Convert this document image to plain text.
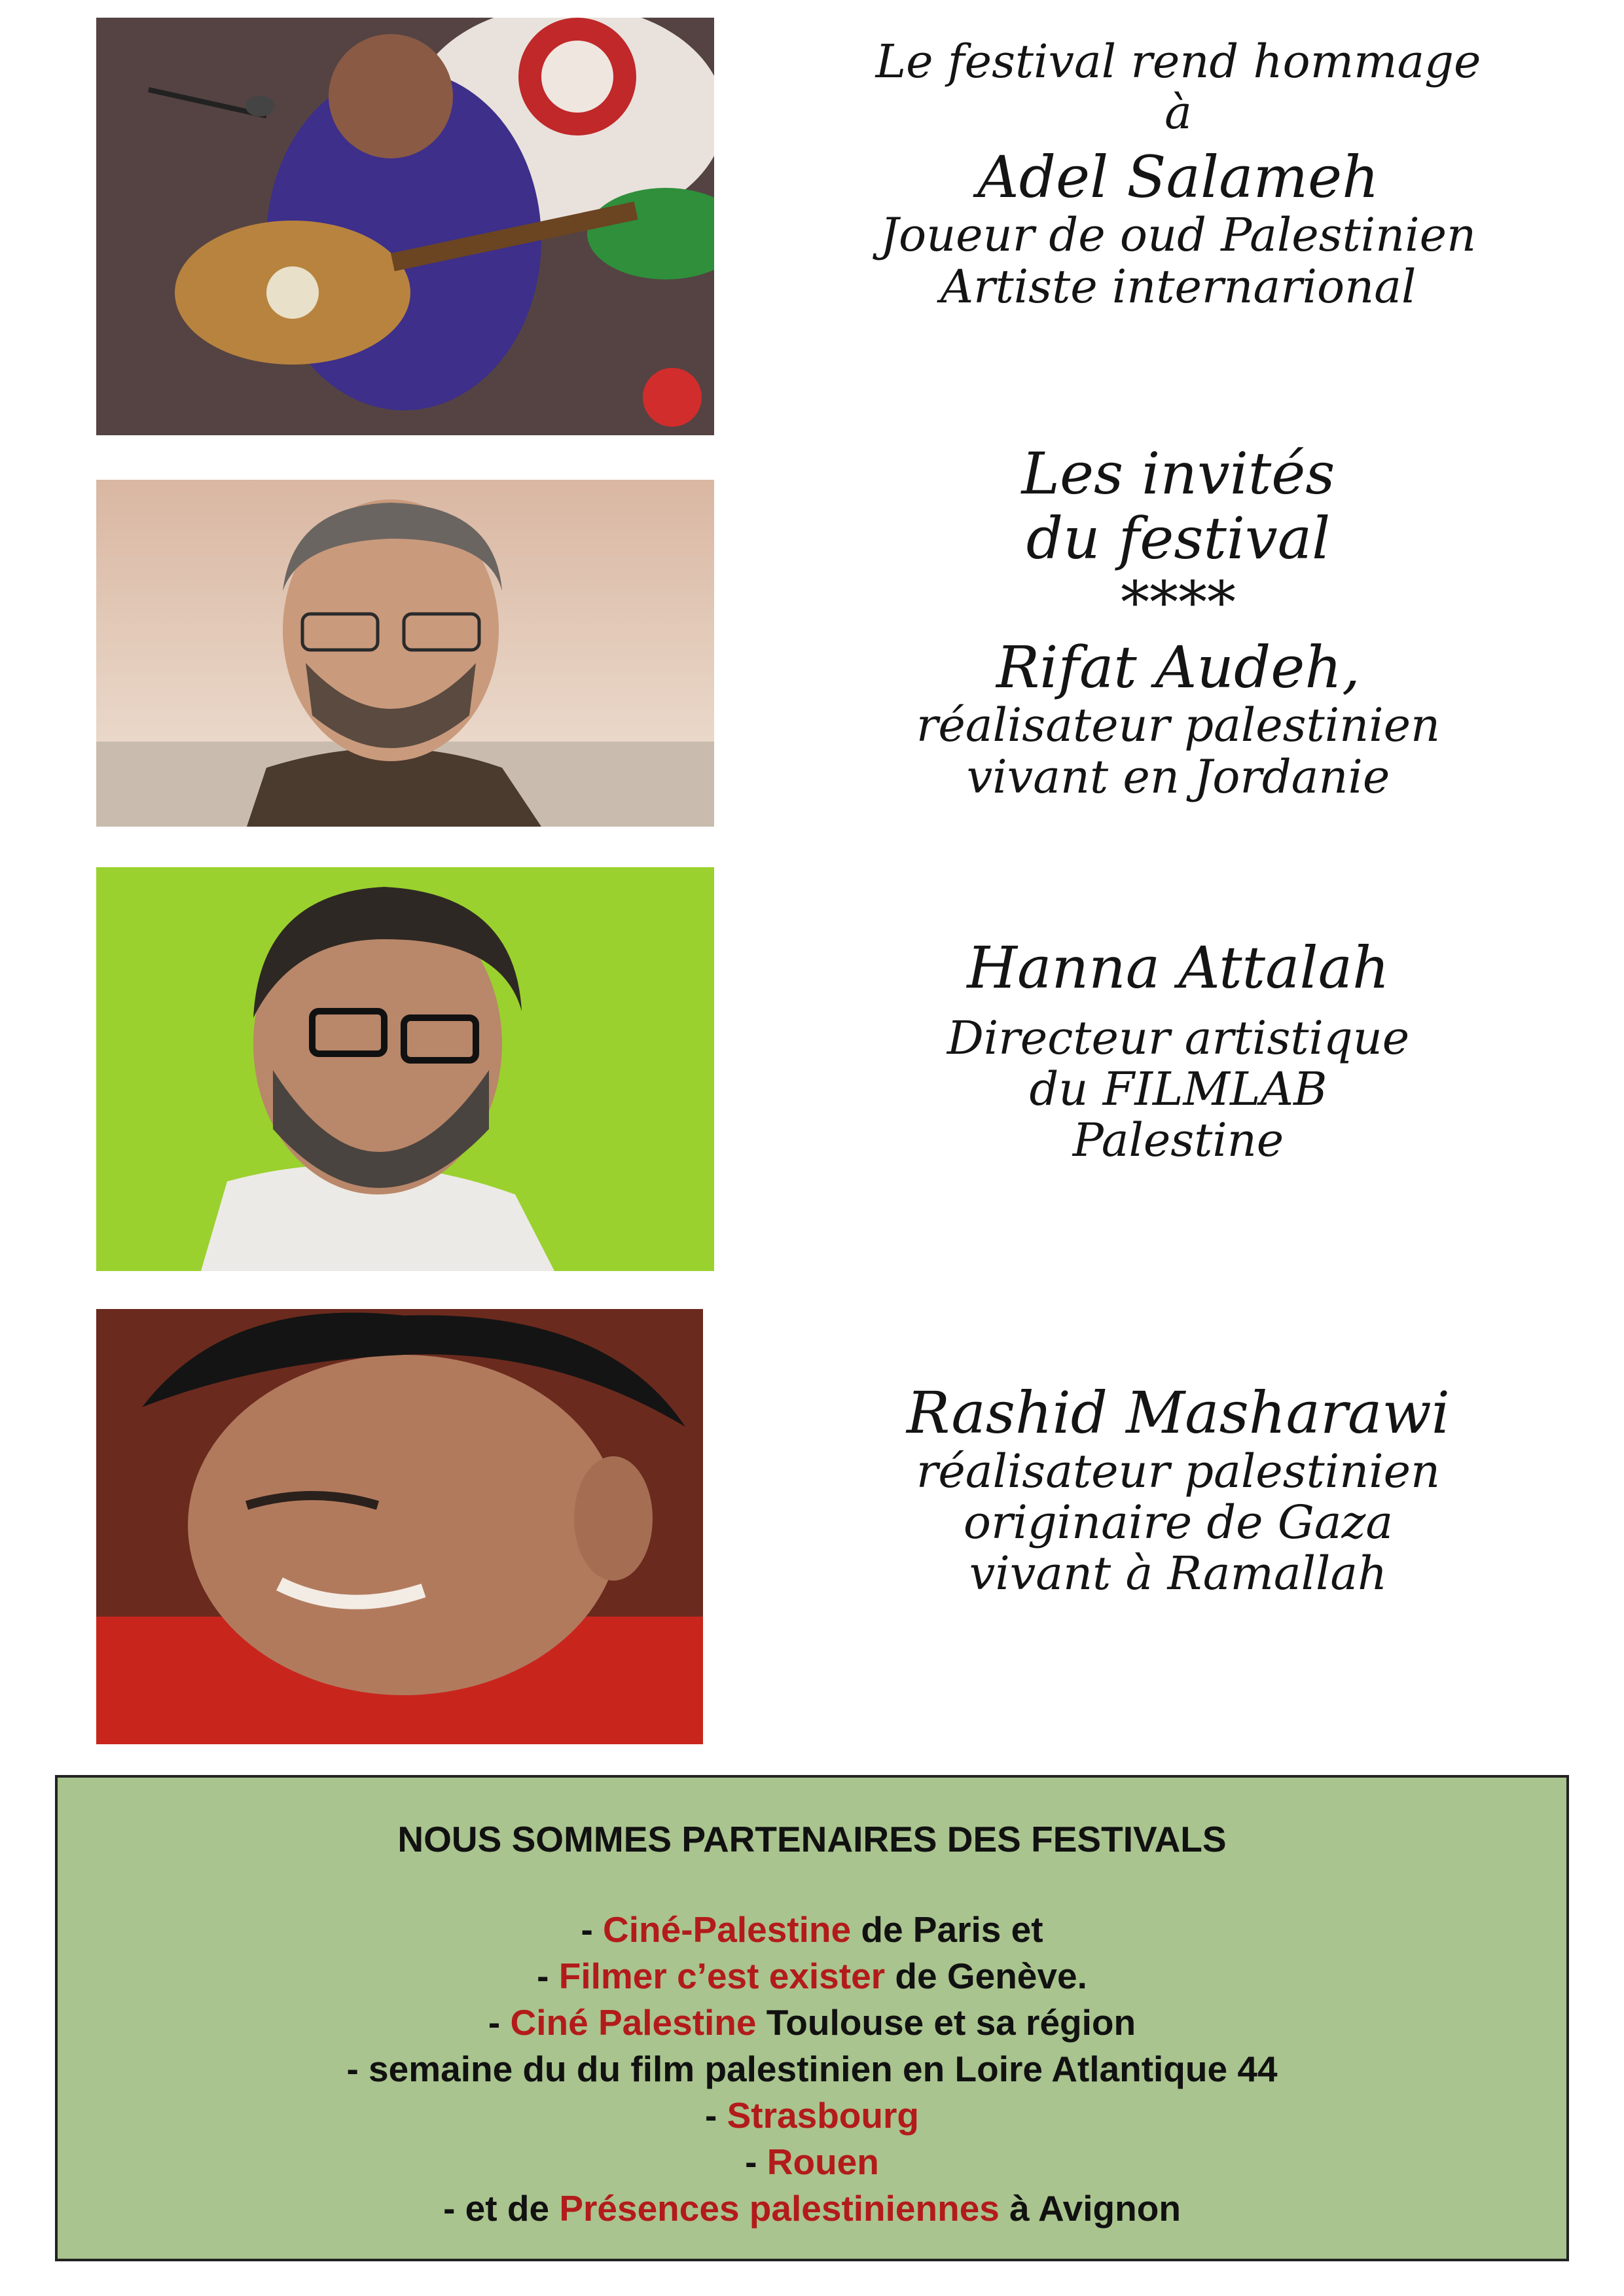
Le festival rend hommage
à
Adel Salameh
Joueur de oud Palestinien
Artiste internarional
Les invités
du festival
****
Rifat Audeh,
réalisateur palestinien
vivant en Jordanie
Hanna Attalah
Directeur artistique
du FILMLAB
Palestine
Rashid Masharawi
réalisateur palestinien
originaire de Gaza
vivant à Ramallah
NOUS SOMMES PARTENAIRES DES FESTIVALS
- Ciné-Palestine de Paris et
- Filmer c’est exister de Genève.
- Ciné Palestine Toulouse et sa région
- semaine du du film palestinien en Loire Atlantique 44
- Strasbourg
- Rouen
- et de Présences palestiniennes à Avignon
